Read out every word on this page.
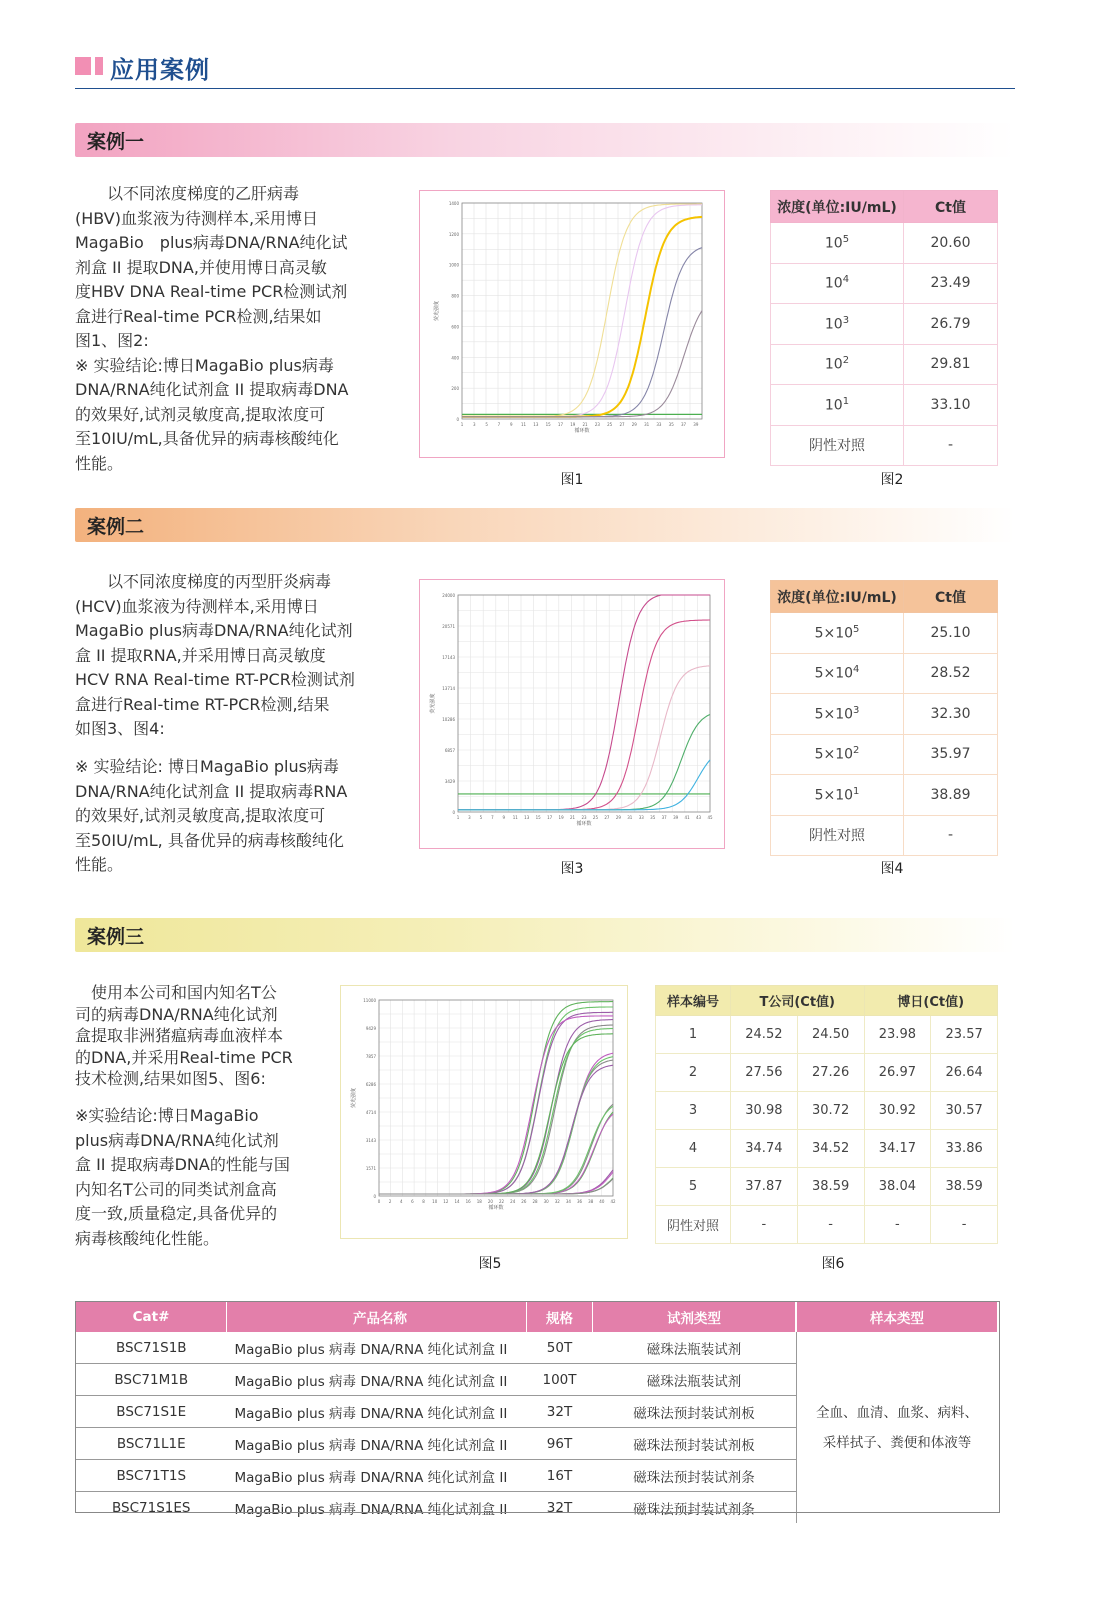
应用案例
案例一
　　以不同浓度梯度的乙肝病毒
(HBV)血浆液为待测样本,采用博日
MagaBio　plus病毒DNA/RNA纯化试
剂盒 II 提取DNA,并使用博日高灵敏
度HBV DNA Real-time PCR检测试剂
盒进行Real-time PCR检测,结果如
图1、图2:
※ 实验结论:博日MagaBio plus病毒
DNA/RNA纯化试剂盒 II 提取病毒DNA
的效果好,试剂灵敏度高,提取浓度可
至10IU/mL,具备优异的病毒核酸纯化
性能。
0
200
400
600
800
1000
1200
1400
1 3 5 7 9 11 13 15 17 19 21 23 25 27 29 31 33 35 37 39
循环数
荧光强度
图1
浓度(单位:IU/mL)	Ct值
$10^5$	20.60
$10^4$	23.49
$10^3$	26.79
$10^2$	29.81
$10^1$	33.10
阴性对照	-
图2
案例二
　　以不同浓度梯度的丙型肝炎病毒
(HCV)血浆液为待测样本,采用博日
MagaBio plus病毒DNA/RNA纯化试剂
盒 II 提取RNA,并采用博日高灵敏度
HCV RNA Real-time RT-PCR检测试剂
盒进行Real-time RT-PCR检测,结果
如图3、图4:
※ 实验结论: 博日MagaBio plus病毒
DNA/RNA纯化试剂盒 II 提取病毒RNA
的效果好,试剂灵敏度高,提取浓度可
至50IU/mL, 具备优异的病毒核酸纯化
性能。
0
3429
6857
10286
13714
17143
20571
24000
1 3 5 7 9 11 13 15 17 19 21 23 25 27 29 31 33 35 37 39 41 43 45
循环数
荧光强度
图3
浓度(单位:IU/mL)	Ct值
$5\times 10^5$	25.10
$5\times 10^4$	28.52
$5\times 10^3$	32.30
$5\times 10^2$	35.97
$5\times 10^1$	38.89
阴性对照	-
图4
案例三
　使用本公司和国内知名T公
司的病毒DNA/RNA纯化试剂
盒提取非洲猪瘟病毒血液样本
的DNA,并采用Real-time PCR
技术检测,结果如图5、图6:
※实验结论:博日MagaBio
plus病毒DNA/RNA纯化试剂
盒 II 提取病毒DNA的性能与国
内知名T公司的同类试剂盒高
度一致,质量稳定,具备优异的
病毒核酸纯化性能。
0
1571
3143
4714
6286
7857
9429
11000
0 2 4 6 8 10 12 14 16 18 20 22 24 26 28 30 32 34 36 38 40 42
循环数
荧光强度
图5
样本编号	T公司(Ct值)		博日(Ct值)	
1	24.52	24.50	23.98	23.57
2	27.56	27.26	26.97	26.64
3	30.98	30.72	30.92	30.57
4	34.74	34.52	34.17	33.86
5	37.87	38.59	38.04	38.59
阴性对照	-	-	-	-
图6
Cat#	产品名称	规格	试剂类型	样本类型
BSC71S1B	MagaBio plus 病毒 DNA/RNA 纯化试剂盒 II	50T	磁珠法瓶装试剂	全血、血清、血浆、病料、
采样拭子、粪便和体液等

BSC71M1B	MagaBio plus 病毒 DNA/RNA 纯化试剂盒 II	100T	磁珠法瓶装试剂	
BSC71S1E	MagaBio plus 病毒 DNA/RNA 纯化试剂盒 II	32T	磁珠法预封装试剂板	
BSC71L1E	MagaBio plus 病毒 DNA/RNA 纯化试剂盒 II	96T	磁珠法预封装试剂板	
BSC71T1S	MagaBio plus 病毒 DNA/RNA 纯化试剂盒 II	16T	磁珠法预封装试剂条	
BSC71S1ES	MagaBio plus 病毒 DNA/RNA 纯化试剂盒 II	32T	磁珠法预封装试剂条	
